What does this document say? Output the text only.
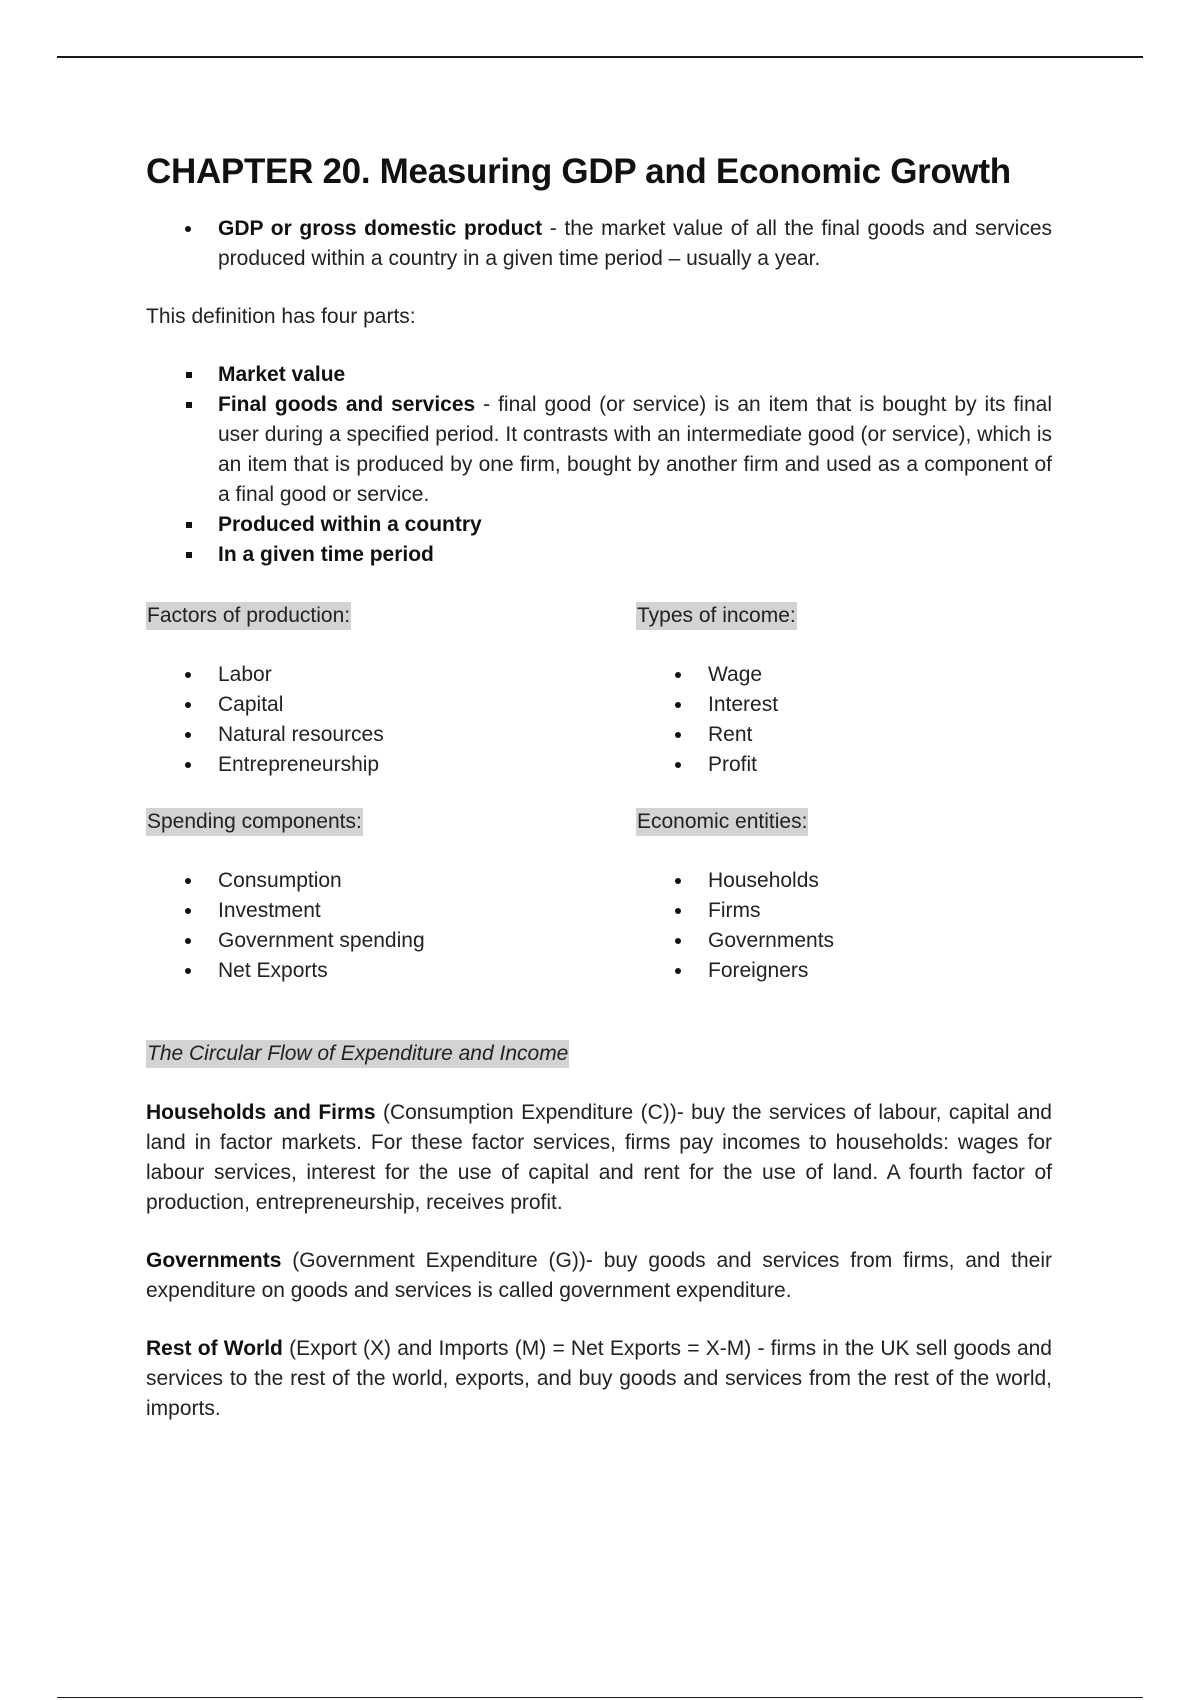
CHAPTER 20. Measuring GDP and Economic Growth
GDP or gross domestic product - the market value of all the final goods and services produced within a country in a given time period – usually a year.
This definition has four parts:
Market value
Final goods and services - final good (or service) is an item that is bought by its final user during a specified period. It contrasts with an intermediate good (or service), which is an item that is produced by one firm, bought by another firm and used as a component of a final good or service.
Produced within a country
In a given time period
Factors of production:
Labor
Capital
Natural resources
Entrepreneurship
Types of income:
Wage
Interest
Rent
Profit
Spending components:
Consumption
Investment
Government spending
Net Exports
Economic entities:
Households
Firms
Governments
Foreigners
The Circular Flow of Expenditure and Income

Households and Firms (Consumption Expenditure (C))- buy the services of labour, capital and land in factor markets. For these factor services, firms pay incomes to households: wages for labour services, interest for the use of capital and rent for the use of land. A fourth factor of production, entrepreneurship, receives profit.

Governments (Government Expenditure (G))- buy goods and services from firms, and their expenditure on goods and services is called government expenditure.

Rest of World (Export (X) and Imports (M) = Net Exports = X-M) - firms in the UK sell goods and services to the rest of the world, exports, and buy goods and services from the rest of the world, imports.
